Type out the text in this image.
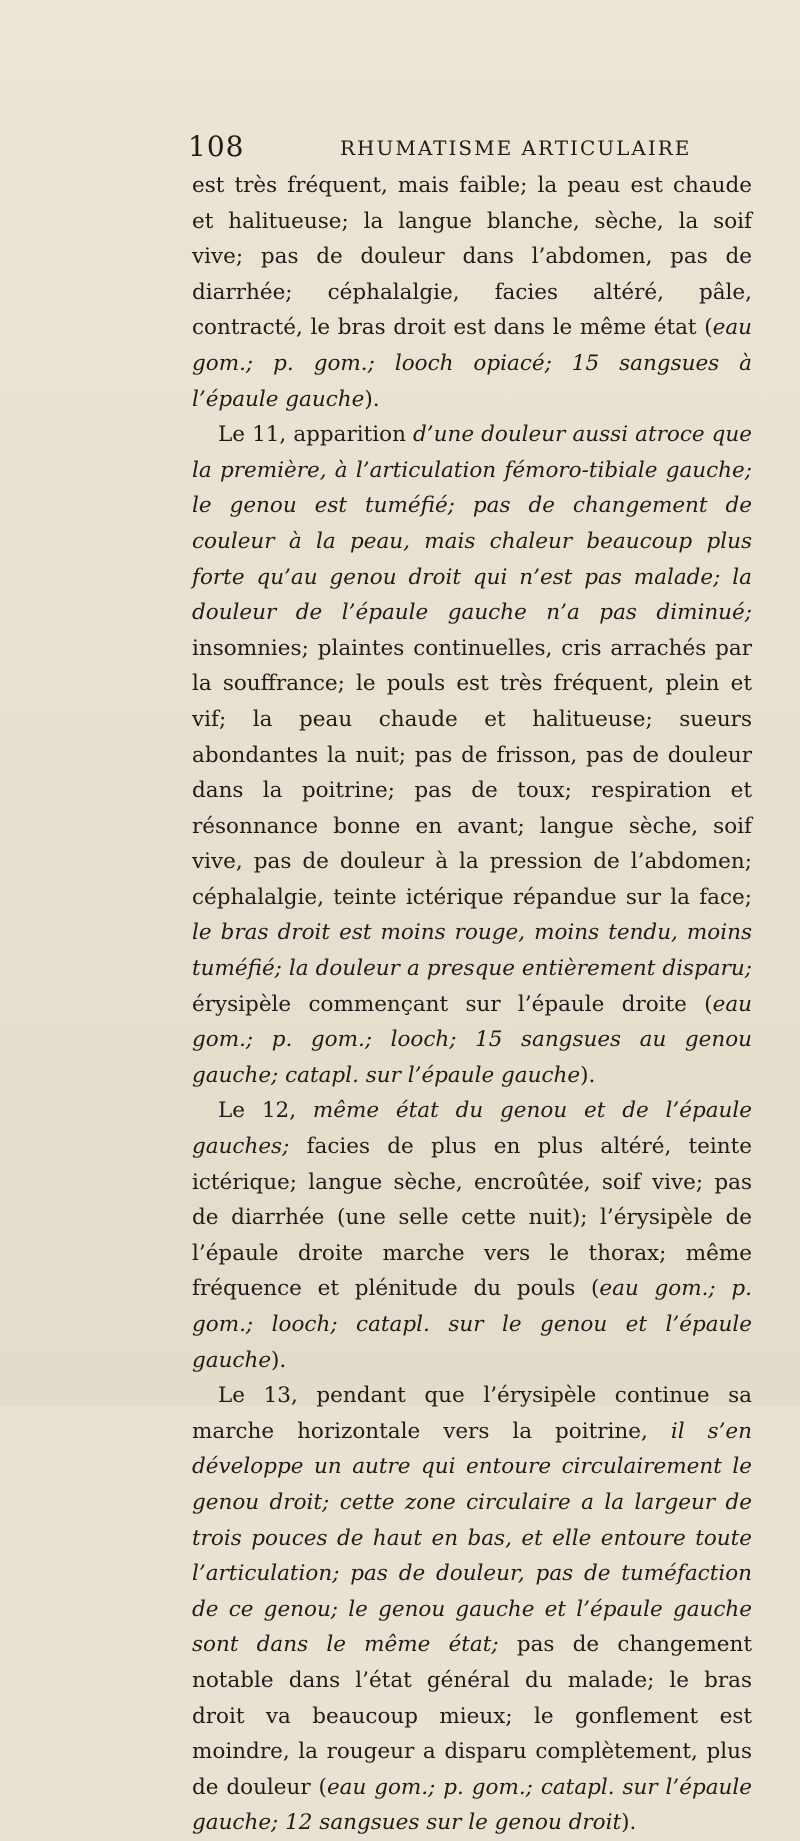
108	RHUMATISME ARTICULAIRE

est très fréquent, mais faible; la peau est chaude et halitueuse; la langue blanche, sèche, la soif vive; pas de douleur dans l’abdomen, pas de diarrhée; céphalalgie, facies altéré, pâle, contracté, le bras droit est dans le même état (eau gom.; p. gom.; looch opiacé; 15 sangsues à l’épaule gauche).

Le 11, apparition d’une douleur aussi atroce que la première, à l’articulation fémoro-tibiale gauche; le genou est tuméfié; pas de changement de couleur à la peau, mais chaleur beaucoup plus forte qu’au genou droit qui n’est pas malade; la douleur de l’épaule gauche n’a pas diminué; insomnies; plaintes continuelles, cris arrachés par la souffrance; le pouls est très fréquent, plein et vif; la peau chaude et halitueuse; sueurs abondantes la nuit; pas de frisson, pas de douleur dans la poitrine; pas de toux; respiration et résonnance bonne en avant; langue sèche, soif vive, pas de douleur à la pression de l’abdomen; céphalalgie, teinte ictérique répandue sur la face; le bras droit est moins rouge, moins tendu, moins tuméfié; la douleur a presque entièrement disparu; érysipèle commençant sur l’épaule droite (eau gom.; p. gom.; looch; 15 sangsues au genou gauche; catapl. sur l’épaule gauche).

Le 12, même état du genou et de l’épaule gauches; facies de plus en plus altéré, teinte ictérique; langue sèche, encroûtée, soif vive; pas de diarrhée (une selle cette nuit); l’érysipèle de l’épaule droite marche vers le thorax; même fréquence et plénitude du pouls (eau gom.; p. gom.; looch; catapl. sur le genou et l’épaule gauche).

Le 13, pendant que l’érysipèle continue sa marche horizontale vers la poitrine, il s’en développe un autre qui entoure circulairement le genou droit; cette zone circulaire a la largeur de trois pouces de haut en bas, et elle entoure toute l’articulation; pas de douleur, pas de tuméfaction de ce genou; le genou gauche et l’épaule gauche sont dans le même état; pas de changement notable dans l’état général du malade; le bras droit va beaucoup mieux; le gonflement est moindre, la rougeur a disparu complètement, plus de douleur (eau gom.; p. gom.; catapl. sur l’épaule gauche; 12 sangsues sur le genou droit).
